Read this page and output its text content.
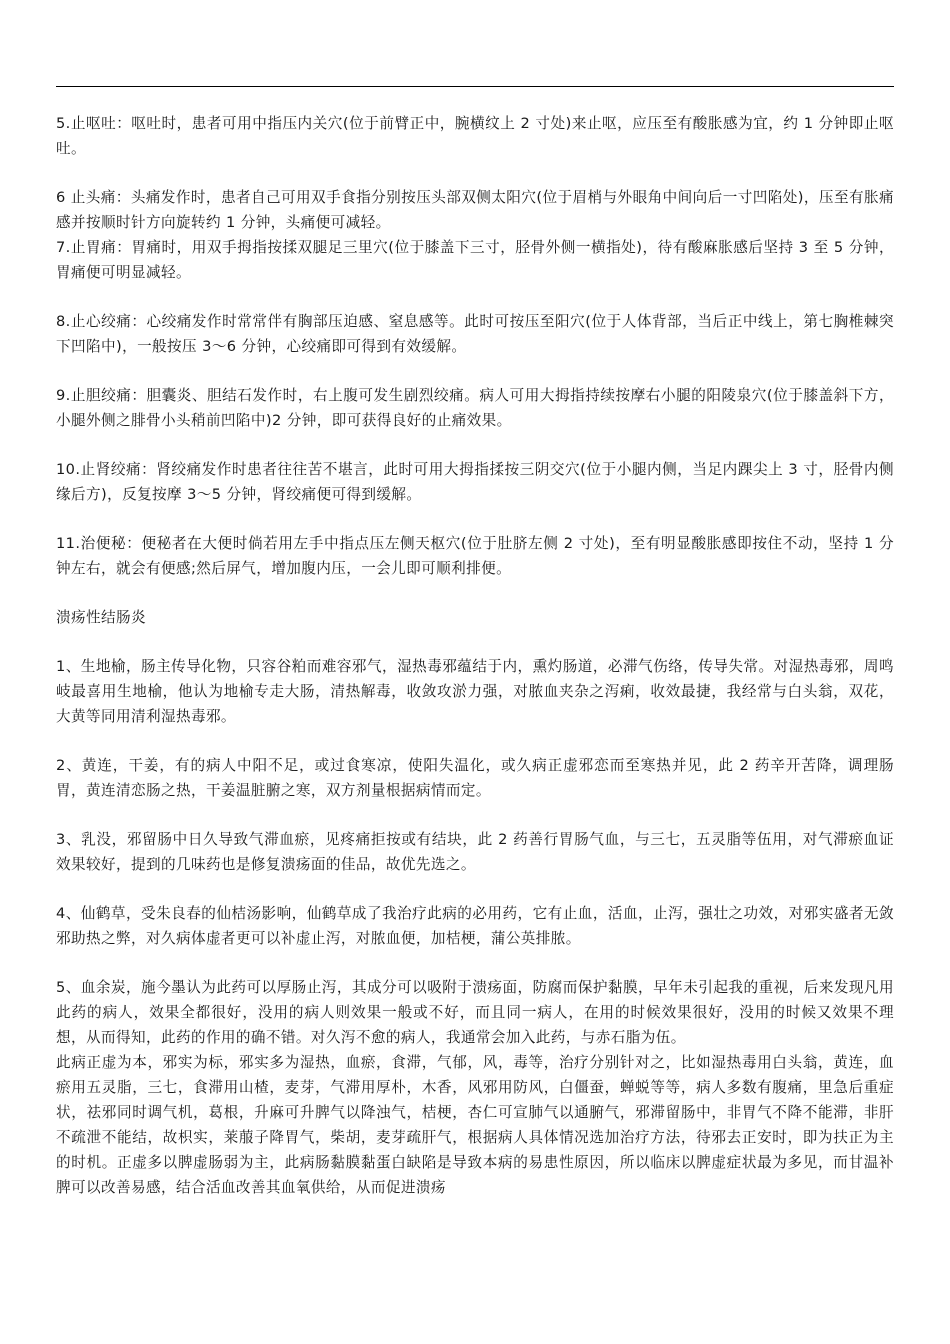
5.止呕吐：呕吐时，患者可用中指压内关穴(位于前臂正中，腕横纹上 2 寸处)来止呕，应压至有酸胀感为宜，约 1 分钟即止呕吐。

6 止头痛：头痛发作时，患者自己可用双手食指分别按压头部双侧太阳穴(位于眉梢与外眼角中间向后一寸凹陷处)，压至有胀痛感并按顺时针方向旋转约 1 分钟，头痛便可减轻。

7.止胃痛：胃痛时，用双手拇指按揉双腿足三里穴(位于膝盖下三寸，胫骨外侧一横指处)，待有酸麻胀感后坚持 3 至 5 分钟，胃痛便可明显减轻。

8.止心绞痛：心绞痛发作时常常伴有胸部压迫感、窒息感等。此时可按压至阳穴(位于人体背部，当后正中线上，第七胸椎棘突下凹陷中)，一般按压 3～6 分钟，心绞痛即可得到有效缓解。

9.止胆绞痛：胆囊炎、胆结石发作时，右上腹可发生剧烈绞痛。病人可用大拇指持续按摩右小腿的阳陵泉穴(位于膝盖斜下方，小腿外侧之腓骨小头稍前凹陷中)2 分钟，即可获得良好的止痛效果。

10.止肾绞痛：肾绞痛发作时患者往往苦不堪言，此时可用大拇指揉按三阴交穴(位于小腿内侧，当足内踝尖上 3 寸，胫骨内侧缘后方)，反复按摩 3～5 分钟，肾绞痛便可得到缓解。

11.治便秘：便秘者在大便时倘若用左手中指点压左侧天枢穴(位于肚脐左侧 2 寸处)，至有明显酸胀感即按住不动，坚持 1 分钟左右，就会有便感;然后屏气，增加腹内压，一会儿即可顺利排便。

溃疡性结肠炎

1、生地榆，肠主传导化物，只容谷粕而难容邪气，湿热毒邪蕴结于内，熏灼肠道，必滞气伤络，传导失常。对湿热毒邪，周鸣岐最喜用生地榆，他认为地榆专走大肠，清热解毒，收敛攻淤力强，对脓血夹杂之泻痢，收效最捷，我经常与白头翁，双花，大黄等同用清利湿热毒邪。

2、黄连，干姜，有的病人中阳不足，或过食寒凉，使阳失温化，或久病正虚邪恋而至寒热并见，此 2 药辛开苦降，调理肠胃，黄连清恋肠之热，干姜温脏腑之寒，双方剂量根据病情而定。

3、乳没，邪留肠中日久导致气滞血瘀，见疼痛拒按或有结块，此 2 药善行胃肠气血，与三七，五灵脂等伍用，对气滞瘀血证效果较好，提到的几味药也是修复溃疡面的佳品，故优先选之。

4、仙鹤草，受朱良春的仙桔汤影响，仙鹤草成了我治疗此病的必用药，它有止血，活血，止泻，强壮之功效，对邪实盛者无敛邪助热之弊，对久病体虚者更可以补虚止泻，对脓血便，加桔梗，蒲公英排脓。

5、血余炭，施今墨认为此药可以厚肠止泻，其成分可以吸附于溃疡面，防腐而保护黏膜，早年未引起我的重视，后来发现凡用此药的病人，效果全都很好，没用的病人则效果一般或不好，而且同一病人，在用的时候效果很好，没用的时候又效果不理想，从而得知，此药的作用的确不错。对久泻不愈的病人，我通常会加入此药，与赤石脂为伍。

此病正虚为本，邪实为标，邪实多为湿热，血瘀，食滞，气郁，风，毒等，治疗分别针对之，比如湿热毒用白头翁，黄连，血瘀用五灵脂，三七，食滞用山楂，麦芽，气滞用厚朴，木香，风邪用防风，白僵蚕，蝉蜕等等，病人多数有腹痛，里急后重症状，祛邪同时调气机，葛根，升麻可升脾气以降浊气，桔梗，杏仁可宣肺气以通腑气，邪滞留肠中，非胃气不降不能滞，非肝不疏泄不能结，故枳实，莱菔子降胃气，柴胡，麦芽疏肝气，根据病人具体情况选加治疗方法，待邪去正安时，即为扶正为主的时机。正虚多以脾虚肠弱为主，此病肠黏膜黏蛋白缺陷是导致本病的易患性原因，所以临床以脾虚症状最为多见，而甘温补脾可以改善易感，结合活血改善其血氧供给，从而促进溃疡
